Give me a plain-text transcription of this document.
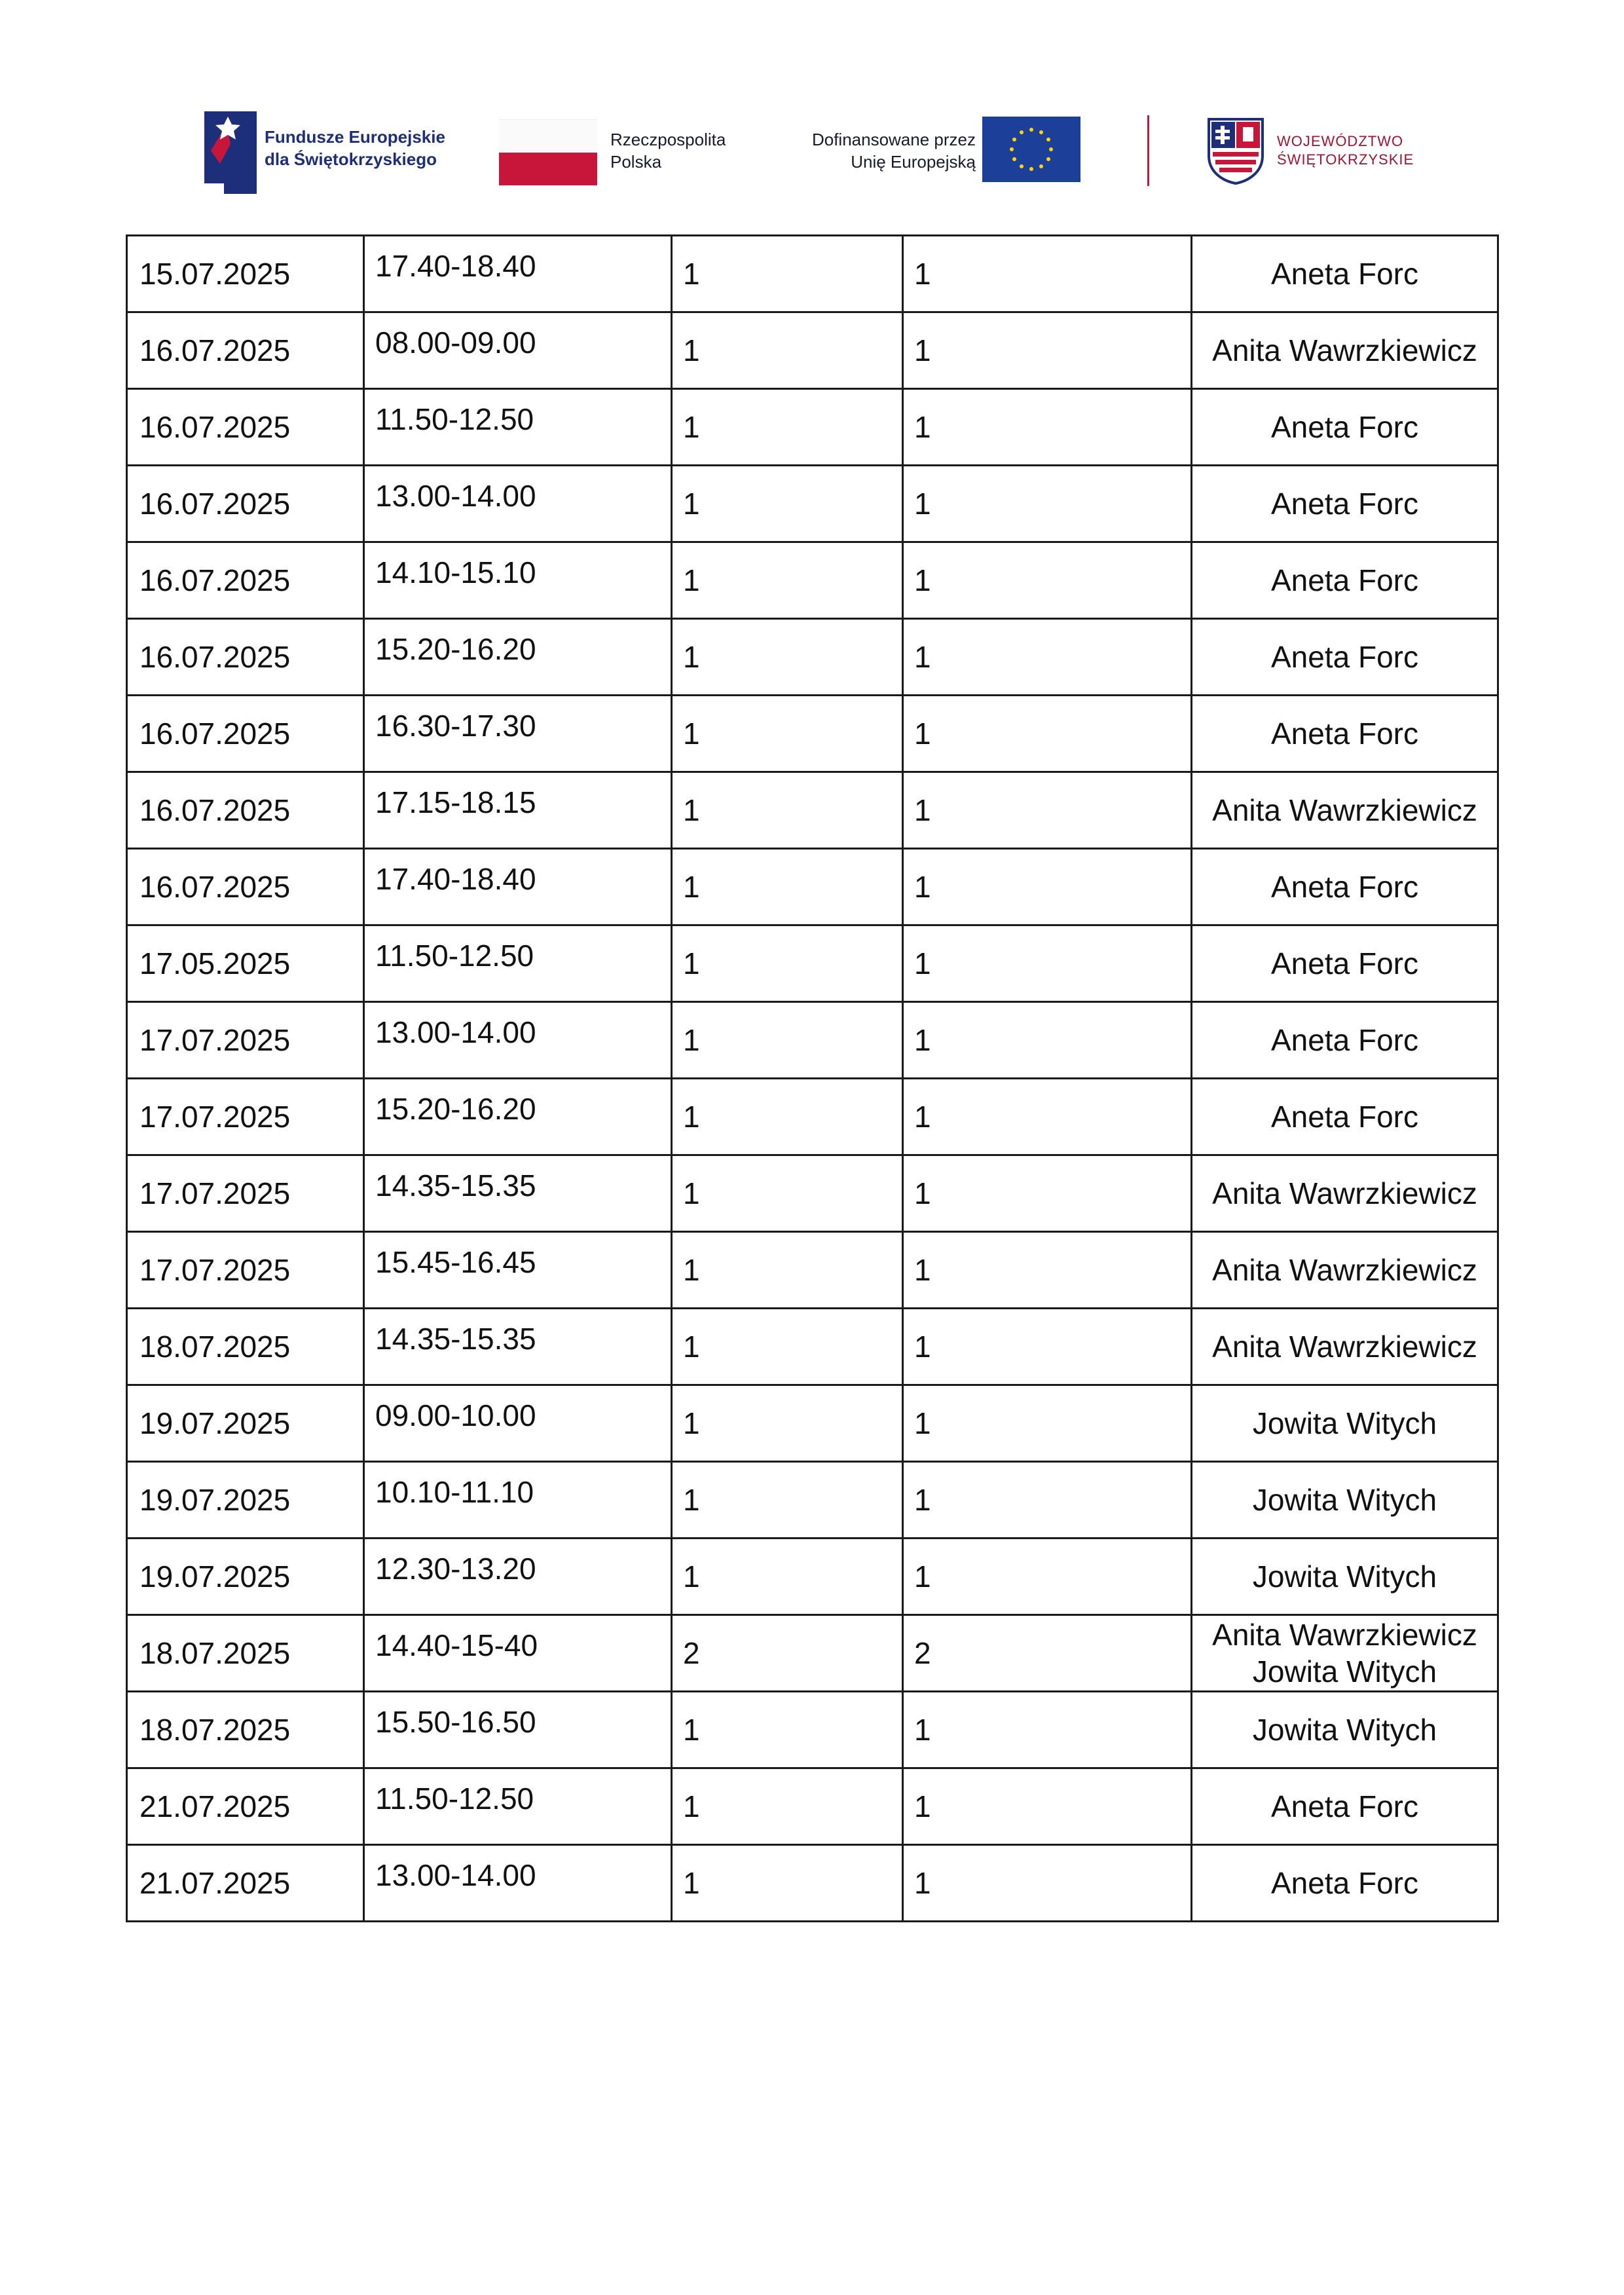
Fundusze Europejskie
dla Świętokrzyskiego
Rzeczpospolita
Polska
Dofinansowane przez
Unię Europejską
WOJEWÓDZTWO
ŚWIĘTOKRZYSKIE
15.07.2025	17.40-18.40	1	1	Aneta Forc

16.07.2025	08.00-09.00	1	1	Anita Wawrzkiewicz

16.07.2025	11.50-12.50	1	1	Aneta Forc

16.07.2025	13.00-14.00	1	1	Aneta Forc

16.07.2025	14.10-15.10	1	1	Aneta Forc

16.07.2025	15.20-16.20	1	1	Aneta Forc

16.07.2025	16.30-17.30	1	1	Aneta Forc

16.07.2025	17.15-18.15	1	1	Anita Wawrzkiewicz

16.07.2025	17.40-18.40	1	1	Aneta Forc

17.05.2025	11.50-12.50	1	1	Aneta Forc

17.07.2025	13.00-14.00	1	1	Aneta Forc

17.07.2025	15.20-16.20	1	1	Aneta Forc

17.07.2025	14.35-15.35	1	1	Anita Wawrzkiewicz

17.07.2025	15.45-16.45	1	1	Anita Wawrzkiewicz

18.07.2025	14.35-15.35	1	1	Anita Wawrzkiewicz

19.07.2025	09.00-10.00	1	1	Jowita Witych

19.07.2025	10.10-11.10	1	1	Jowita Witych

19.07.2025	12.30-13.20	1	1	Jowita Witych

18.07.2025	14.40-15-40	2	2	Anita Wawrzkiewicz
Jowita Witych

18.07.2025	15.50-16.50	1	1	Jowita Witych

21.07.2025	11.50-12.50	1	1	Aneta Forc

21.07.2025	13.00-14.00	1	1	Aneta Forc
